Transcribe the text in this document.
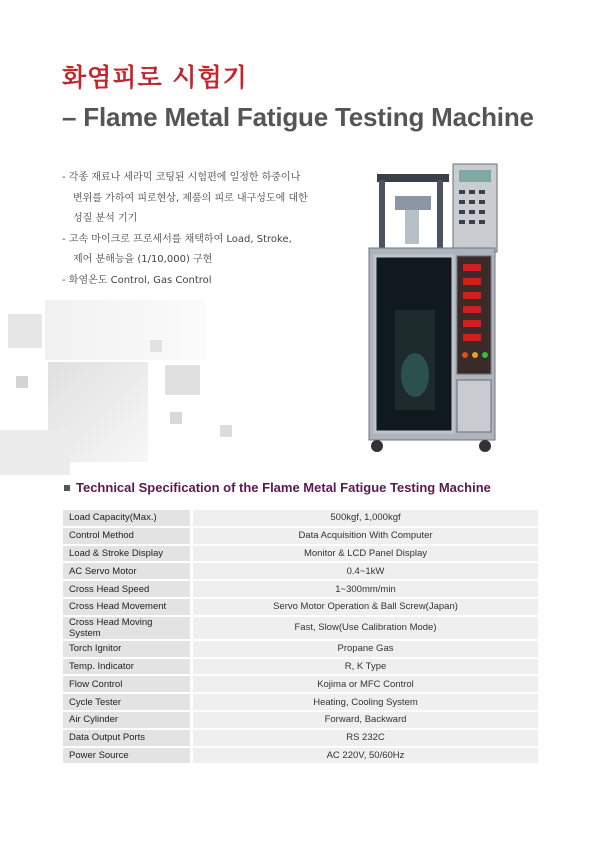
화염피로 시험기
– Flame Metal Fatigue Testing Machine
- 각종 재료나 세라믹 코팅된 시험편에 일정한 하중이나
변위를 가하여 피로현상, 제품의 피로 내구성도에 대한
성질 분석 기기
- 고속 마이크로 프로세서를 채택하여 Load, Stroke,
제어 분해능을 (1/10,000) 구현
- 화염온도 Control, Gas Control
Technical Specification of the Flame Metal Fatigue Testing Machine
Load Capacity(Max.)	500kgf, 1,000kgf
Control Method	Data Acquisition With Computer
Load & Stroke Display	Monitor & LCD Panel Display
AC Servo Motor	0.4~1kW
Cross Head Speed	1~300mm/min
Cross Head Movement	Servo Motor Operation & Ball Screw(Japan)
Cross Head Moving System	Fast, Slow(Use Calibration Mode)
Torch Ignitor	Propane Gas
Temp. Indicator	R, K Type
Flow Control	Kojima or MFC Control
Cycle Tester	Heating, Cooling System
Air Cylinder	Forward, Backward
Data Output Ports	RS 232C
Power Source	AC 220V, 50/60Hz
